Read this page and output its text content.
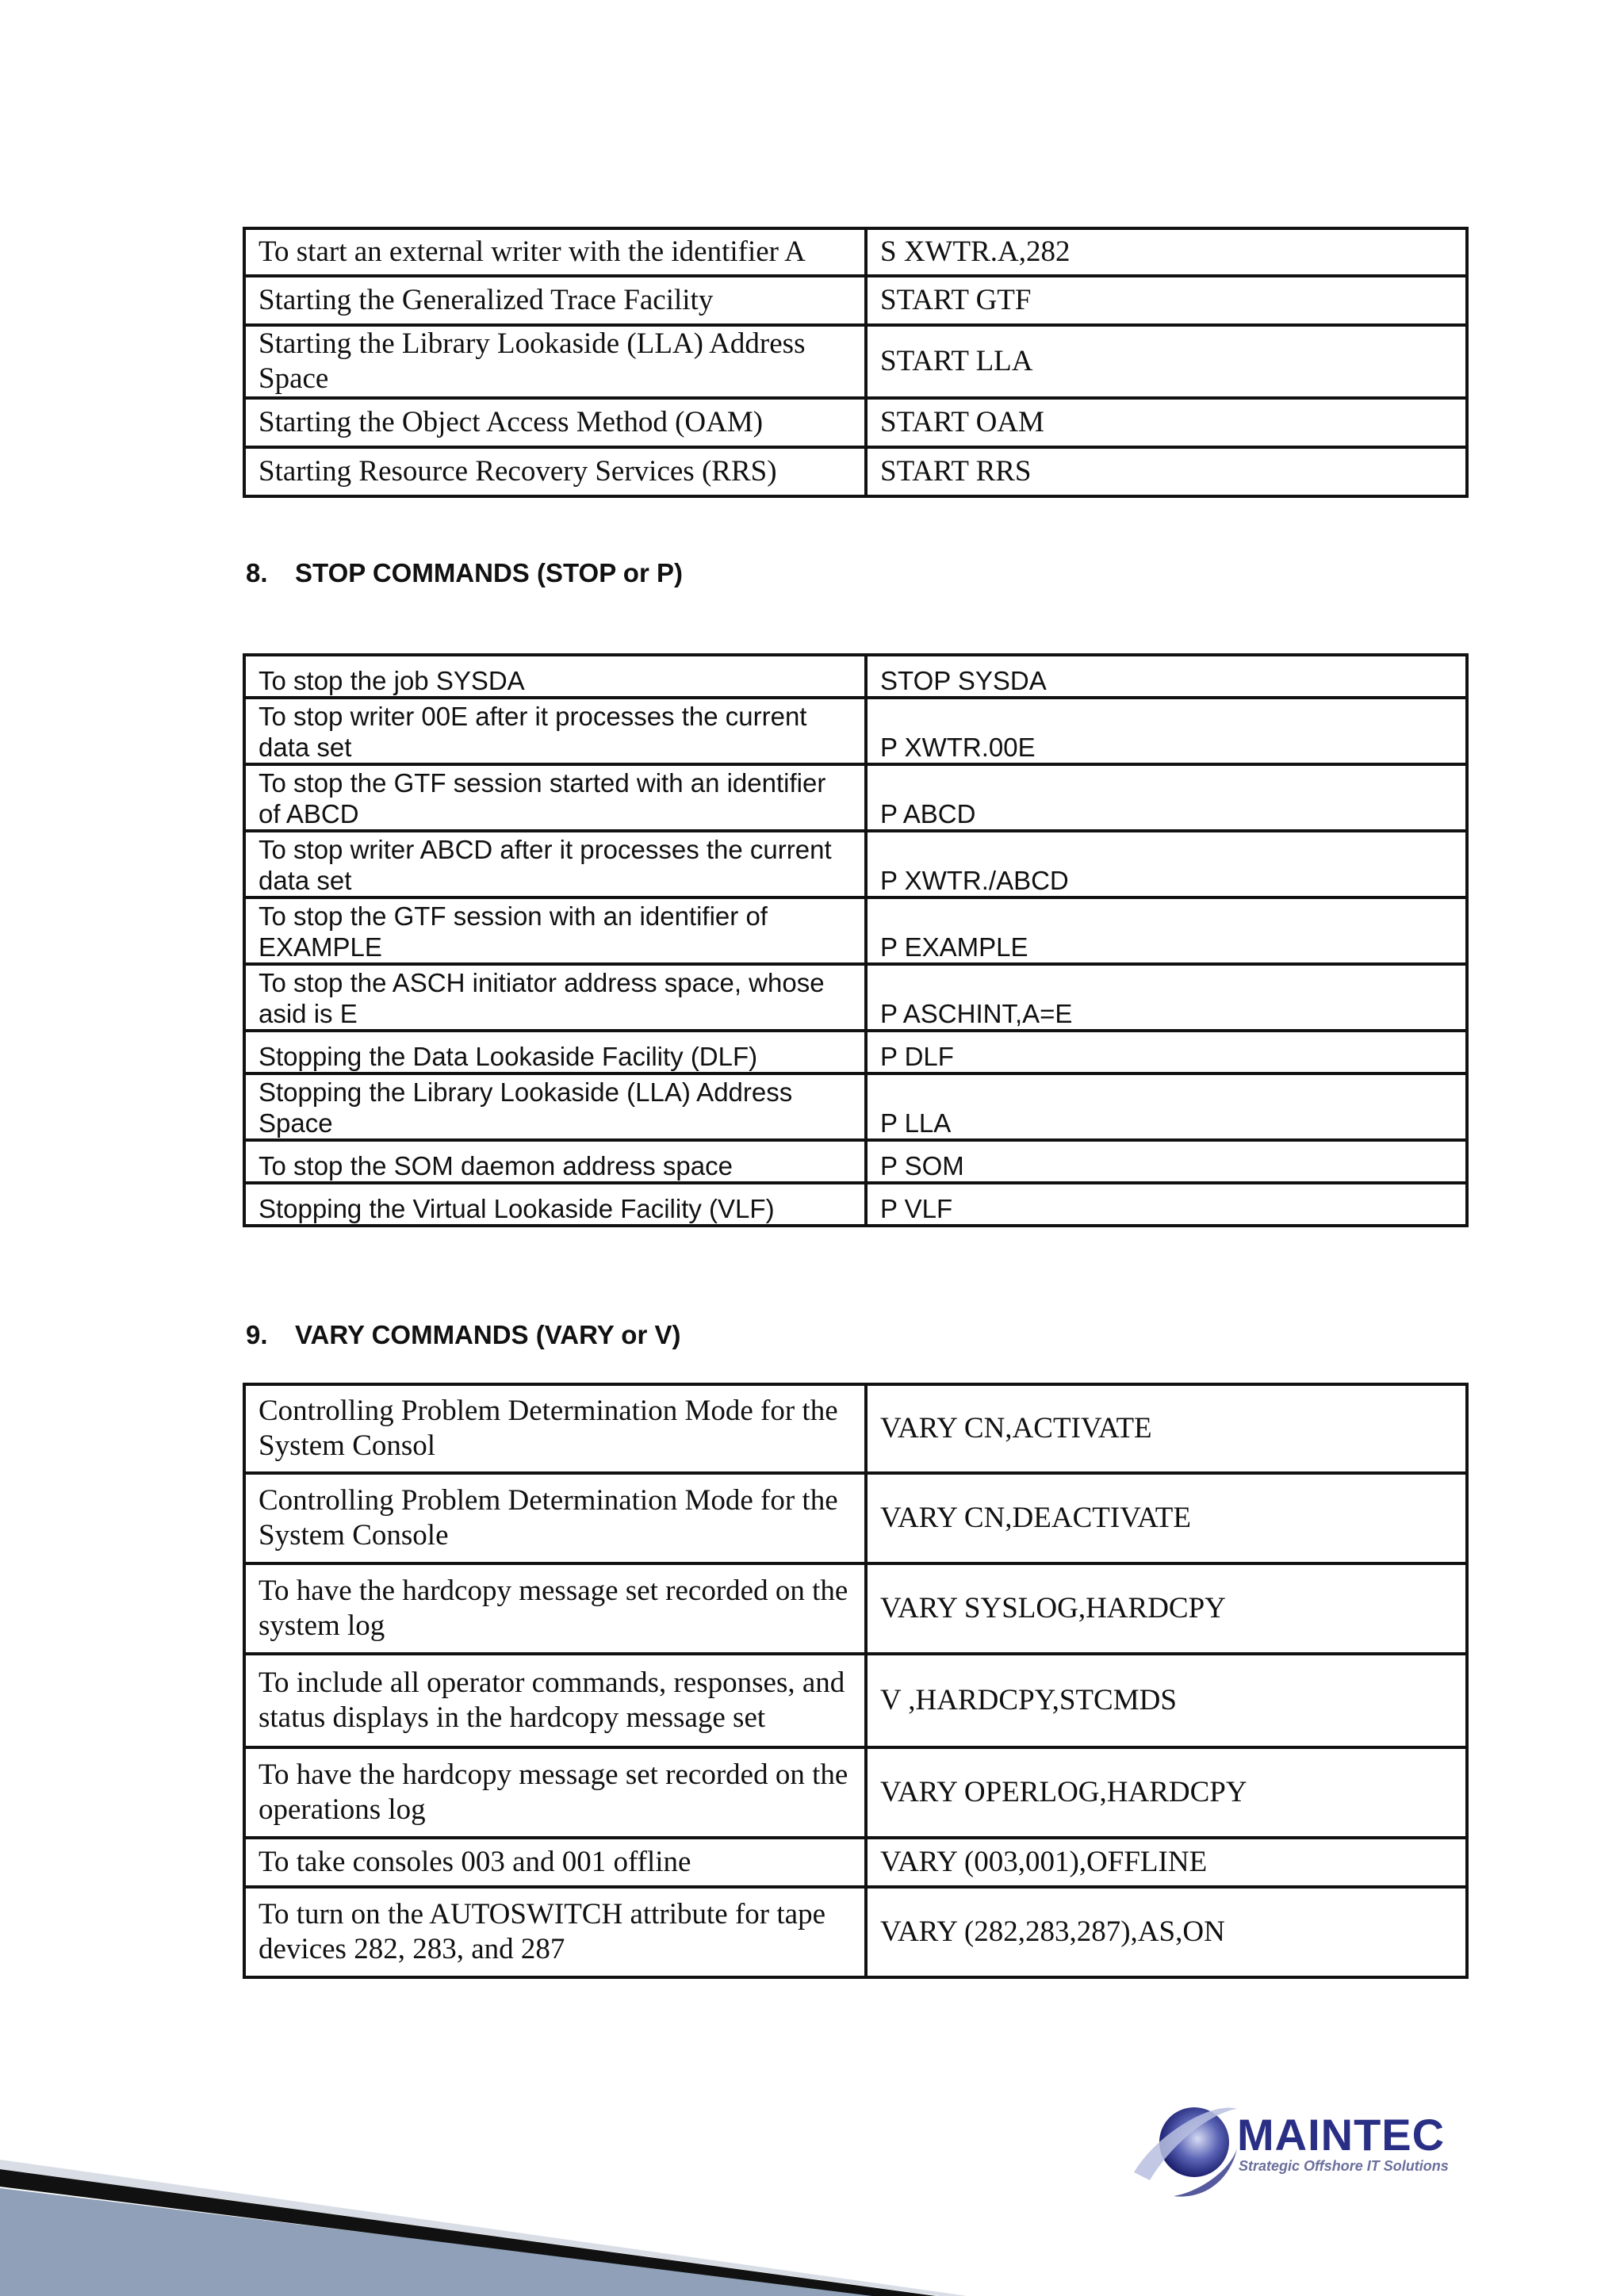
To start an external writer with the identifier A	S XWTR.A,282
Starting the Generalized Trace Facility	START GTF
Starting the Library Lookaside (LLA) Address Space	START LLA
Starting the Object Access Method (OAM)	START OAM
Starting Resource Recovery Services (RRS)	START RRS
8. STOP COMMANDS (STOP or P)
To stop the job SYSDA	STOP SYSDA
To stop writer 00E after it processes the current data set	P XWTR.00E
To stop the GTF session started with an identifier of ABCD	P ABCD
To stop writer ABCD after it processes the current data set	P XWTR./ABCD
To stop the GTF session with an identifier of EXAMPLE	P EXAMPLE
To stop the ASCH initiator address space, whose asid is E	P ASCHINT,A=E
Stopping the Data Lookaside Facility (DLF)	P DLF
Stopping the Library Lookaside (LLA) Address Space	P LLA
To stop the SOM daemon address space	P SOM
Stopping the Virtual Lookaside Facility (VLF)	P VLF
9. VARY COMMANDS (VARY or V)
Controlling Problem Determination Mode for the System Consol	VARY CN,ACTIVATE
Controlling Problem Determination Mode for the System Console	VARY CN,DEACTIVATE
To have the hardcopy message set recorded on the system log	VARY SYSLOG,HARDCPY
To include all operator commands, responses, and status displays in the hardcopy message set	V ,HARDCPY,STCMDS
To have the hardcopy message set recorded on the operations log	VARY OPERLOG,HARDCPY
To take consoles 003 and 001 offline	VARY (003,001),OFFLINE
To turn on the AUTOSWITCH attribute for tape devices 282, 283, and 287	VARY (282,283,287),AS,ON
MAINTEC
Strategic Offshore IT Solutions
